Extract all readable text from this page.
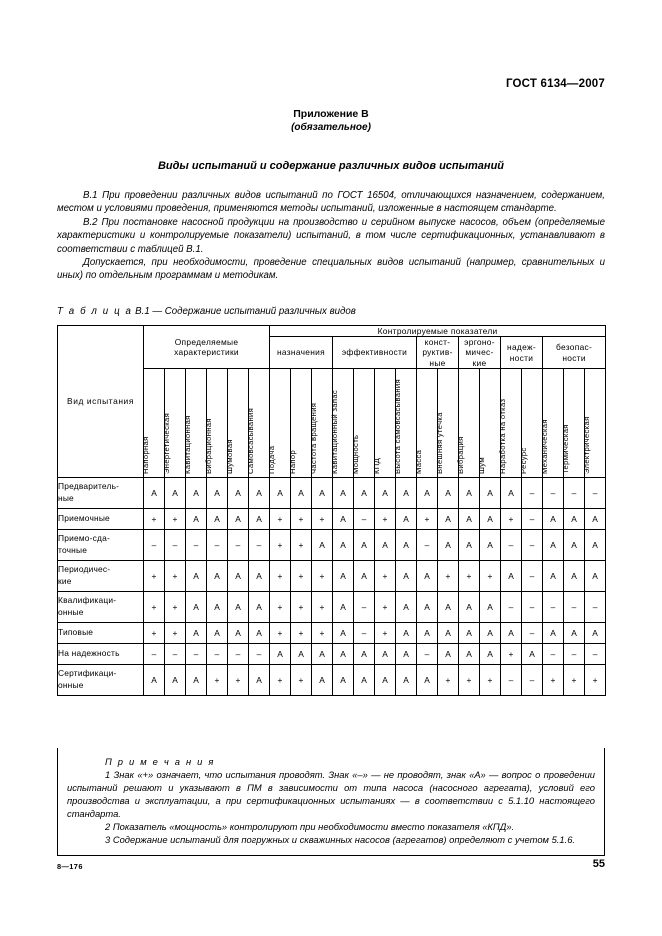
ГОСТ 6134—2007
Приложение В
(обязательное)
Виды испытаний и содержание различных видов испытаний

В.1 При проведении различных видов испытаний по ГОСТ 16504, отличающихся назначением, содержанием, местом и условиями проведения, применяются методы испытаний, изложенные в настоящем стандарте.

В.2 При постановке насосной продукции на производство и серийном выпуске насосов, объем (определяемые характеристики и контролируемые показатели) испытаний, в том числе сертификационных, устанавливают в соответствии с таблицей В.1.

Допускается, при необходимости, проведение специальных видов испытаний (например, сравнительных и иных) по отдельным программам и методикам.

Т а б л и ц а В.1 — Содержание испытаний различных видов
Вид испытания	Определяемые
характеристики						Контролируемые показатели															
							назначения			эффективности				конст-
руктив-
ные		эргоно-
мичес-
кие		надеж-
ности		безопас-
ности		

	Напорная	Энергетическая	Кавитационная	Вибрационная	Шумовая	Самовсасывания	Подача	Напор	Частота вращения	Кавитационный запас	Мощность	КПД	Высота самовсасывания	Масса	Внешняя утечка	Вибрация	Шум	Наработка на отказ	Ресурс	Механическая	Термическая	Электрическая

Предваритель-
ные	А	А	А	А	А	А	А	А	А	А	А	А	А	А	А	А	А	А	–	–	–	–
Приемочные	+	+	А	А	А	А	+	+	+	А	–	+	А	+	А	А	А	+	–	А	А	А
Приемо-сда-
точные	–	–	–	–	–	–	+	+	А	А	А	А	А	–	А	А	А	–	–	А	А	А
Периодичес-
кие	+	+	А	А	А	А	+	+	+	А	А	+	А	А	+	+	+	А	–	А	А	А
Квалификаци-
онные	+	+	А	А	А	А	+	+	+	А	–	+	А	А	А	А	А	–	–	–	–	–
Типовые	+	+	А	А	А	А	+	+	+	А	–	+	А	А	А	А	А	А	–	А	А	А
На надежность	–	–	–	–	–	–	А	А	А	А	А	А	А	–	А	А	А	+	А	–	–	–
Сертификаци-
онные	А	А	А	+	+	А	+	+	А	А	А	А	А	А	+	+	+	–	–	+	+	+
П р и м е ч а н и я

1 Знак «+» означает, что испытания проводят. Знак «–» — не проводят, знак «А» — вопрос о проведении испытаний решают и указывают в ПМ в зависимости от типа насоса (насосного агрегата), условий его производства и эксплуатации, а при сертификационных испытаниях — в соответствии с 5.1.10 настоящего стандарта.

2 Показатель «мощность» контролируют при необходимости вместо показателя «КПД».

3 Содержание испытаний для погружных и скважинных насосов (агрегатов) определяют с учетом 5.1.6.

8—176	55
